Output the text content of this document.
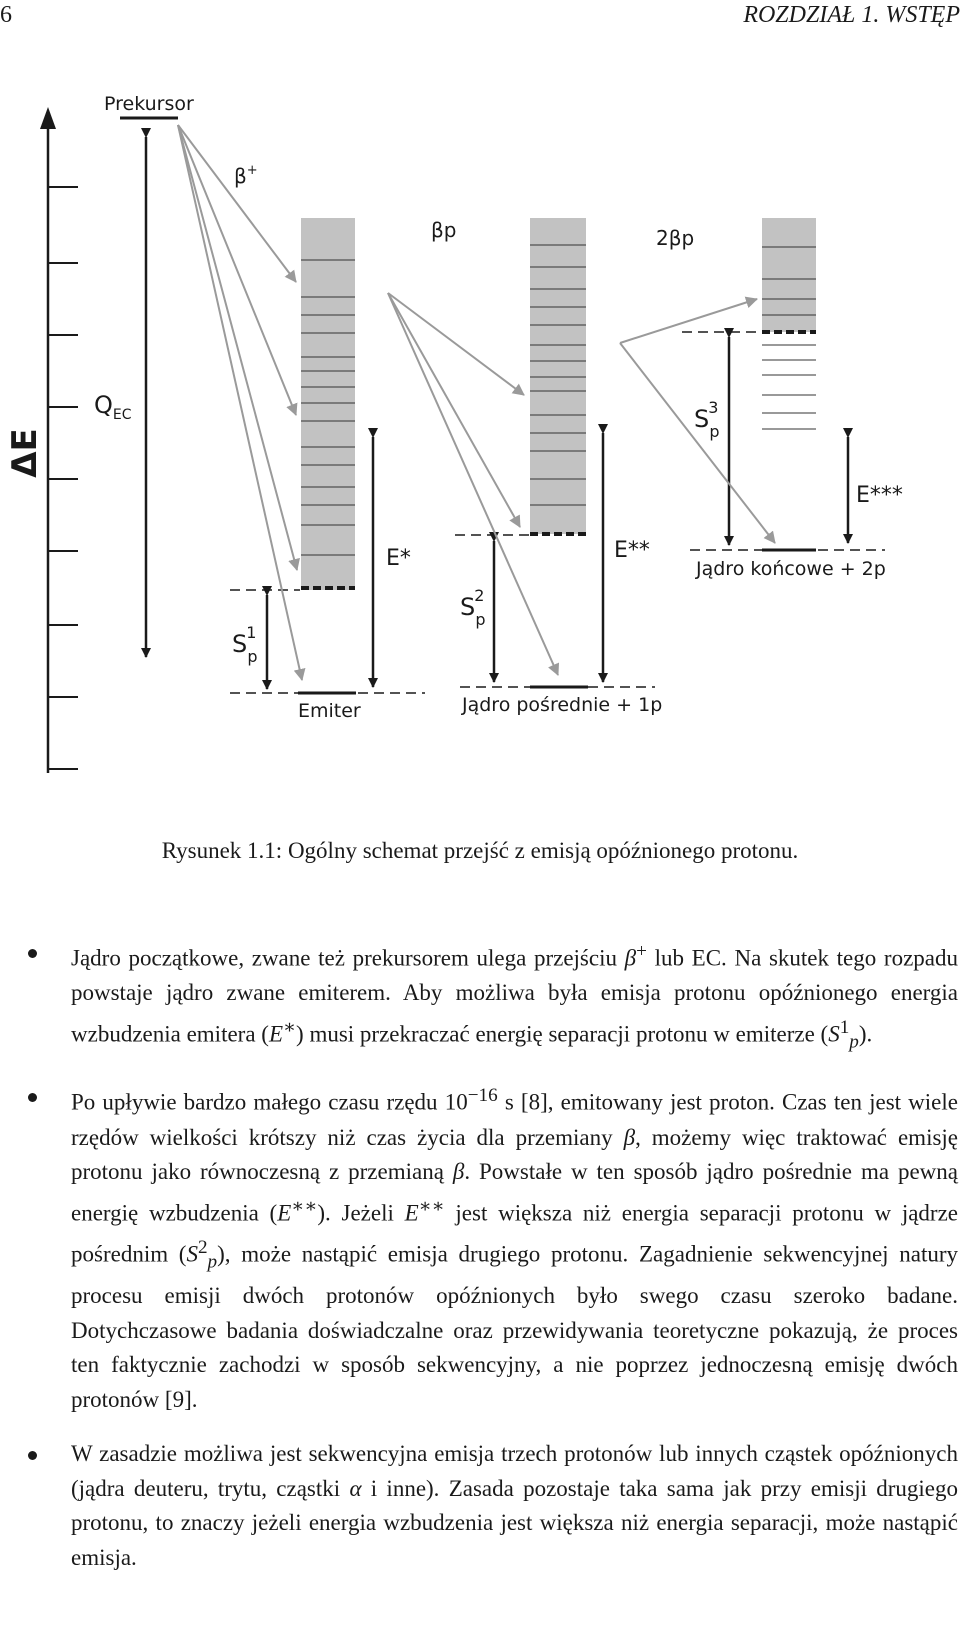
6	ROZDZIAŁ 1. WSTĘP
ΔE
Prekursor
$Q_{EC}$
Emiter
S1 p
E*
Jądro pośrednie + 1p
S2 p
E**
Jądro końcowe + 2p
S3 p
E***
β+
βp	2βp
Rysunek 1.1: Ogólny schemat przejść z emisją opóźnionego protonu.
Jądro początkowe, zwane też prekursorem ulega przejściu β+ lub EC. Na skutek tego rozpadu powstaje jądro zwane emiterem. Aby możliwa była emisja protonu opóźnionego energia wzbudzenia emitera (E∗) musi przekraczać energię separacji protonu w emiterze $(S^1_p)$.
Po upływie bardzo małego czasu rzędu $10^{-16}$ s [8], emitowany jest proton. Czas ten jest wiele rzędów wielkości krótszy niż czas życia dla przemiany β, możemy więc traktować emisję protonu jako równoczesną z przemianą β. Powstałe w ten sposób jądro pośrednie ma pewną energię wzbudzenia (E∗∗). Jeżeli E∗∗ jest większa niż energia separacji protonu w jądrze pośrednim $(S^2_p)$, może nastąpić emisja drugiego protonu. Zagadnienie sekwencyjnej natury procesu emisji dwóch protonów opóźnionych było swego czasu szeroko badane. Dotychczasowe badania doświadczalne oraz przewidywania teoretyczne pokazują, że proces ten faktycznie zachodzi w sposób sekwencyjny, a nie poprzez jednoczesną emisję dwóch protonów [9].
W zasadzie możliwa jest sekwencyjna emisja trzech protonów lub innych cząstek opóźnionych (jądra deuteru, trytu, cząstki α i inne). Zasada pozostaje taka sama jak przy emisji drugiego protonu, to znaczy jeżeli energia wzbudzenia jest większa niż energia separacji, może nastąpić emisja.
